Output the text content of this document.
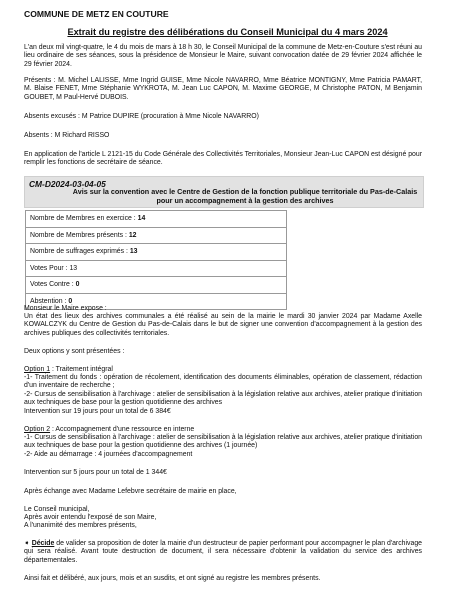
COMMUNE DE METZ EN COUTURE
Extrait du registre des délibérations du Conseil Municipal du 4 mars 2024
L'an deux mil vingt-quatre, le 4 du mois de mars à 18 h 30, le Conseil Municipal de la commune de Metz-en-Couture s'est réuni au lieu ordinaire de ses séances, sous la présidence de Monsieur le Maire, suivant convocation datée de 29 février 2024 affichée le 29 février 2024.
Présents : M. Michel LALISSE, Mme Ingrid GUISE, Mme Nicole NAVARRO, Mme Béatrice MONTIGNY, Mme Patricia PAMART, M. Blaise FENET, Mme Stéphanie WYKROTA, M. Jean Luc CAPON, M. Maxime GEORGE, M Christophe PATON, M Benjamin GOUBET, M Paul-Hervé DUBOIS.
Absents excusés : M Patrice DUPIRE (procuration à Mme Nicole NAVARRO)
Absents : M Richard RISSO
En application de l'article L 2121-15 du Code Générale des Collectivités Territoriales, Monsieur Jean-Luc CAPON est désigné pour remplir les fonctions de secrétaire de séance.
CM-D2024-03-04-05
Avis sur la convention avec le Centre de Gestion de la fonction publique territoriale du Pas-de-Calais pour un accompagnement à la gestion des archives
Nombre de Membres en exercice : 14
Nombre de Membres présents : 12
Nombre de suffrages exprimés : 13
Votes Pour : 13
Votes Contre : 0
Abstention : 0
Monsieur le Maire expose :
Un état des lieux des archives communales a été réalisé au sein de la mairie le mardi 30 janvier 2024 par Madame Axelle KOWALCZYK du Centre de Gestion du Pas-de-Calais dans le but de signer une convention d'accompagnement à la gestion des archives publiques des collectivités territoriales.
Deux options y sont présentées :
Option 1 : Traitement intégral
-1- Traitement du fonds : opération de récolement, identification des documents éliminables, opération de classement, rédaction d'un inventaire de recherche ;
-2- Cursus de sensibilisation à l'archivage : atelier de sensibilisation à la législation relative aux archives, atelier pratique d'initiation aux techniques de base pour la gestion quotidienne des archives
Intervention sur 19 jours pour un total de 6 384€
Option 2 : Accompagnement d'une ressource en interne
-1- Cursus de sensibilisation à l'archivage : atelier de sensibilisation à la législation relative aux archives, atelier pratique d'initiation aux techniques de base pour la gestion quotidienne des archives (1 journée)
-2- Aide au démarrage : 4 journées d'accompagnement
Intervention sur 5 jours pour un total de 1 344€
Après échange avec Madame Lefebvre secrétaire de mairie en place,
Le Conseil municipal,
Après avoir entendu l'exposé de son Maire,
A l'unanimité des membres présents,
➧ Décide de valider sa proposition de doter la mairie d'un destructeur de papier performant pour accompagner le plan d'archivage qui sera réalisé. Avant toute destruction de document, il sera nécessaire d'obtenir la validation du service des archives départementales.
Ainsi fait et délibéré, aux jours, mois et an susdits, et ont signé au registre les membres présents.
